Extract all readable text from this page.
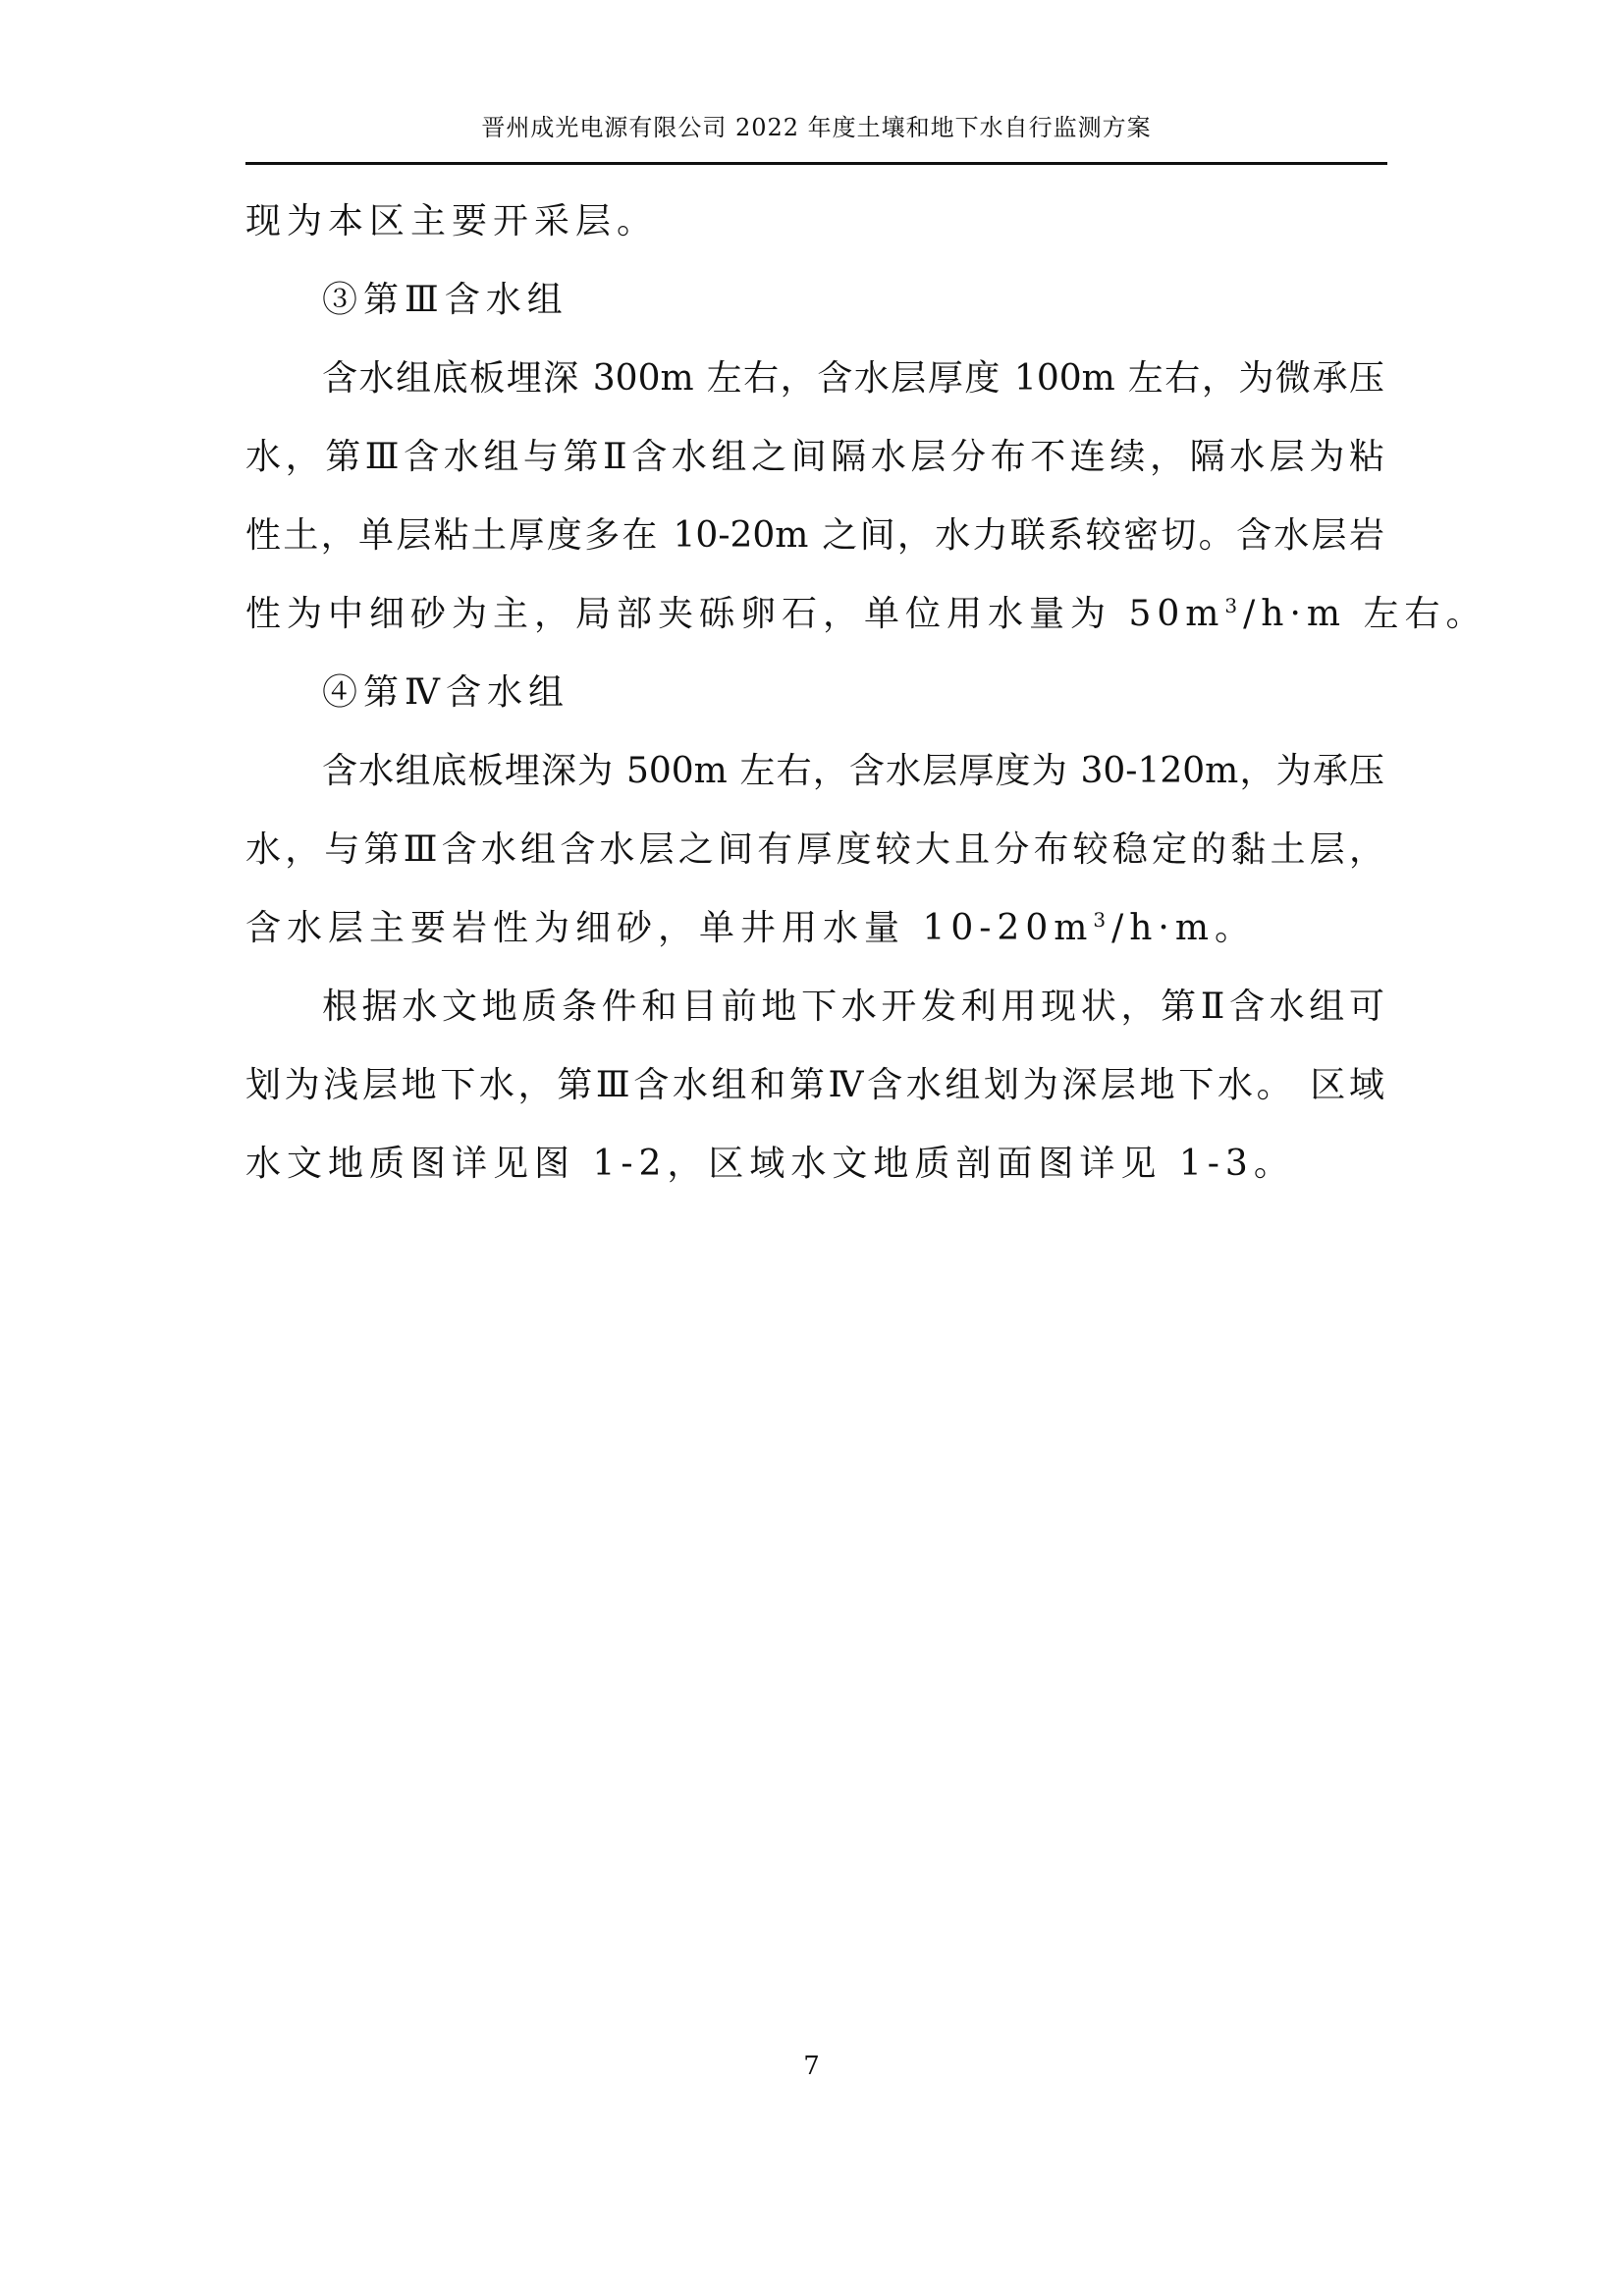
晋州成光电源有限公司 2022 年度土壤和地下水自行监测方案
现为本区主要开采层。
③第Ⅲ含水组
含水组底板埋深 300m 左右，含水层厚度 100m 左右，为微承压
水，第Ⅲ含水组与第Ⅱ含水组之间隔水层分布不连续，隔水层为粘
性土，单层粘土厚度多在 10-20m 之间，水力联系较密切。含水层岩
性为中细砂为主，局部夹砾卵石，单位用水量为 $50m^3/h\cdot m$ 左右。
④第Ⅳ含水组
含水组底板埋深为 500m 左右，含水层厚度为 30-120m，为承压
水，与第Ⅲ含水组含水层之间有厚度较大且分布较稳定的黏土层，
含水层主要岩性为细砂，单井用水量 $10-20m^3/h\cdot m$。
根据水文地质条件和目前地下水开发利用现状，第Ⅱ含水组可
划为浅层地下水，第Ⅲ含水组和第Ⅳ含水组划为深层地下水。 区域
水文地质图详见图 1-2，区域水文地质剖面图详见 1-3。
7
